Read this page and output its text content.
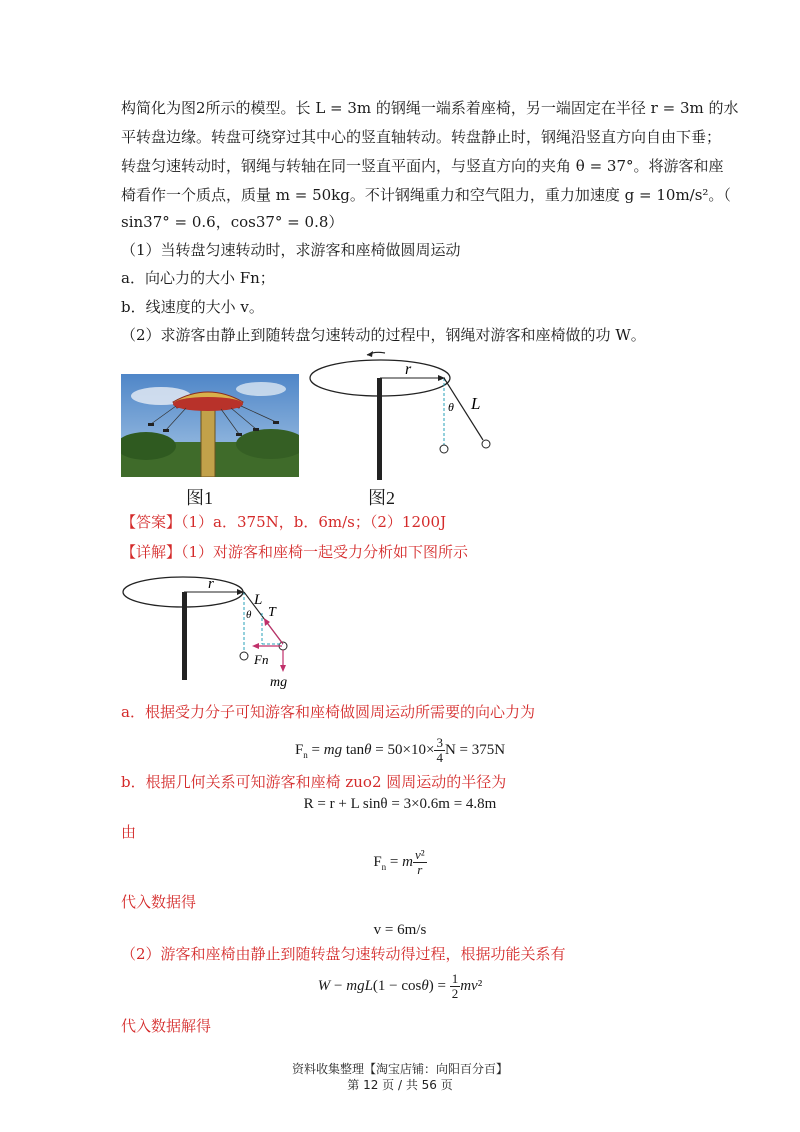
构简化为图2所示的模型。长 L = 3m 的钢绳一端系着座椅，另一端固定在半径 r = 3m 的水
平转盘边缘。转盘可绕穿过其中心的竖直轴转动。转盘静止时，钢绳沿竖直方向自由下垂；
转盘匀速转动时，钢绳与转轴在同一竖直平面内，与竖直方向的夹角 θ = 37°。将游客和座
椅看作一个质点，质量 m = 50kg。不计钢绳重力和空气阻力，重力加速度 g = 10m/s²。（
sin37° = 0.6，cos37° = 0.8）
（1）当转盘匀速转动时，求游客和座椅做圆周运动
a．向心力的大小 Fn；
b．线速度的大小 v。
（2）求游客由静止到随转盘匀速转动的过程中，钢绳对游客和座椅做的功 W。
图1
r
θ L
图2
【答案】（1）a．375N，b．6m/s；（2）1200J
【详解】（1）对游客和座椅一起受力分析如下图所示
r
L
θ T
Fn
mg
a．根据受力分子可知游客和座椅做圆周运动所需要的向心力为
$F_n$ = mg $\tan\theta = 50\times 10\times \frac{3}{4}$ N = 375N
b．根据几何关系可知游客和座椅 zuo2 圆周运动的半径为
R = r + L sinθ = 3×0.6m = 4.8m
由
$F_n = m \frac{\text{v²}}{r}$
代入数据得
v = 6m/s
（2）游客和座椅由静止到随转盘匀速转动得过程，根据功能关系有
$W - mgL(1 - \cos\theta) = \frac{1}{2} mv^2$
代入数据解得
资料收集整理【淘宝店铺：向阳百分百】
第 12 页 / 共 56 页
